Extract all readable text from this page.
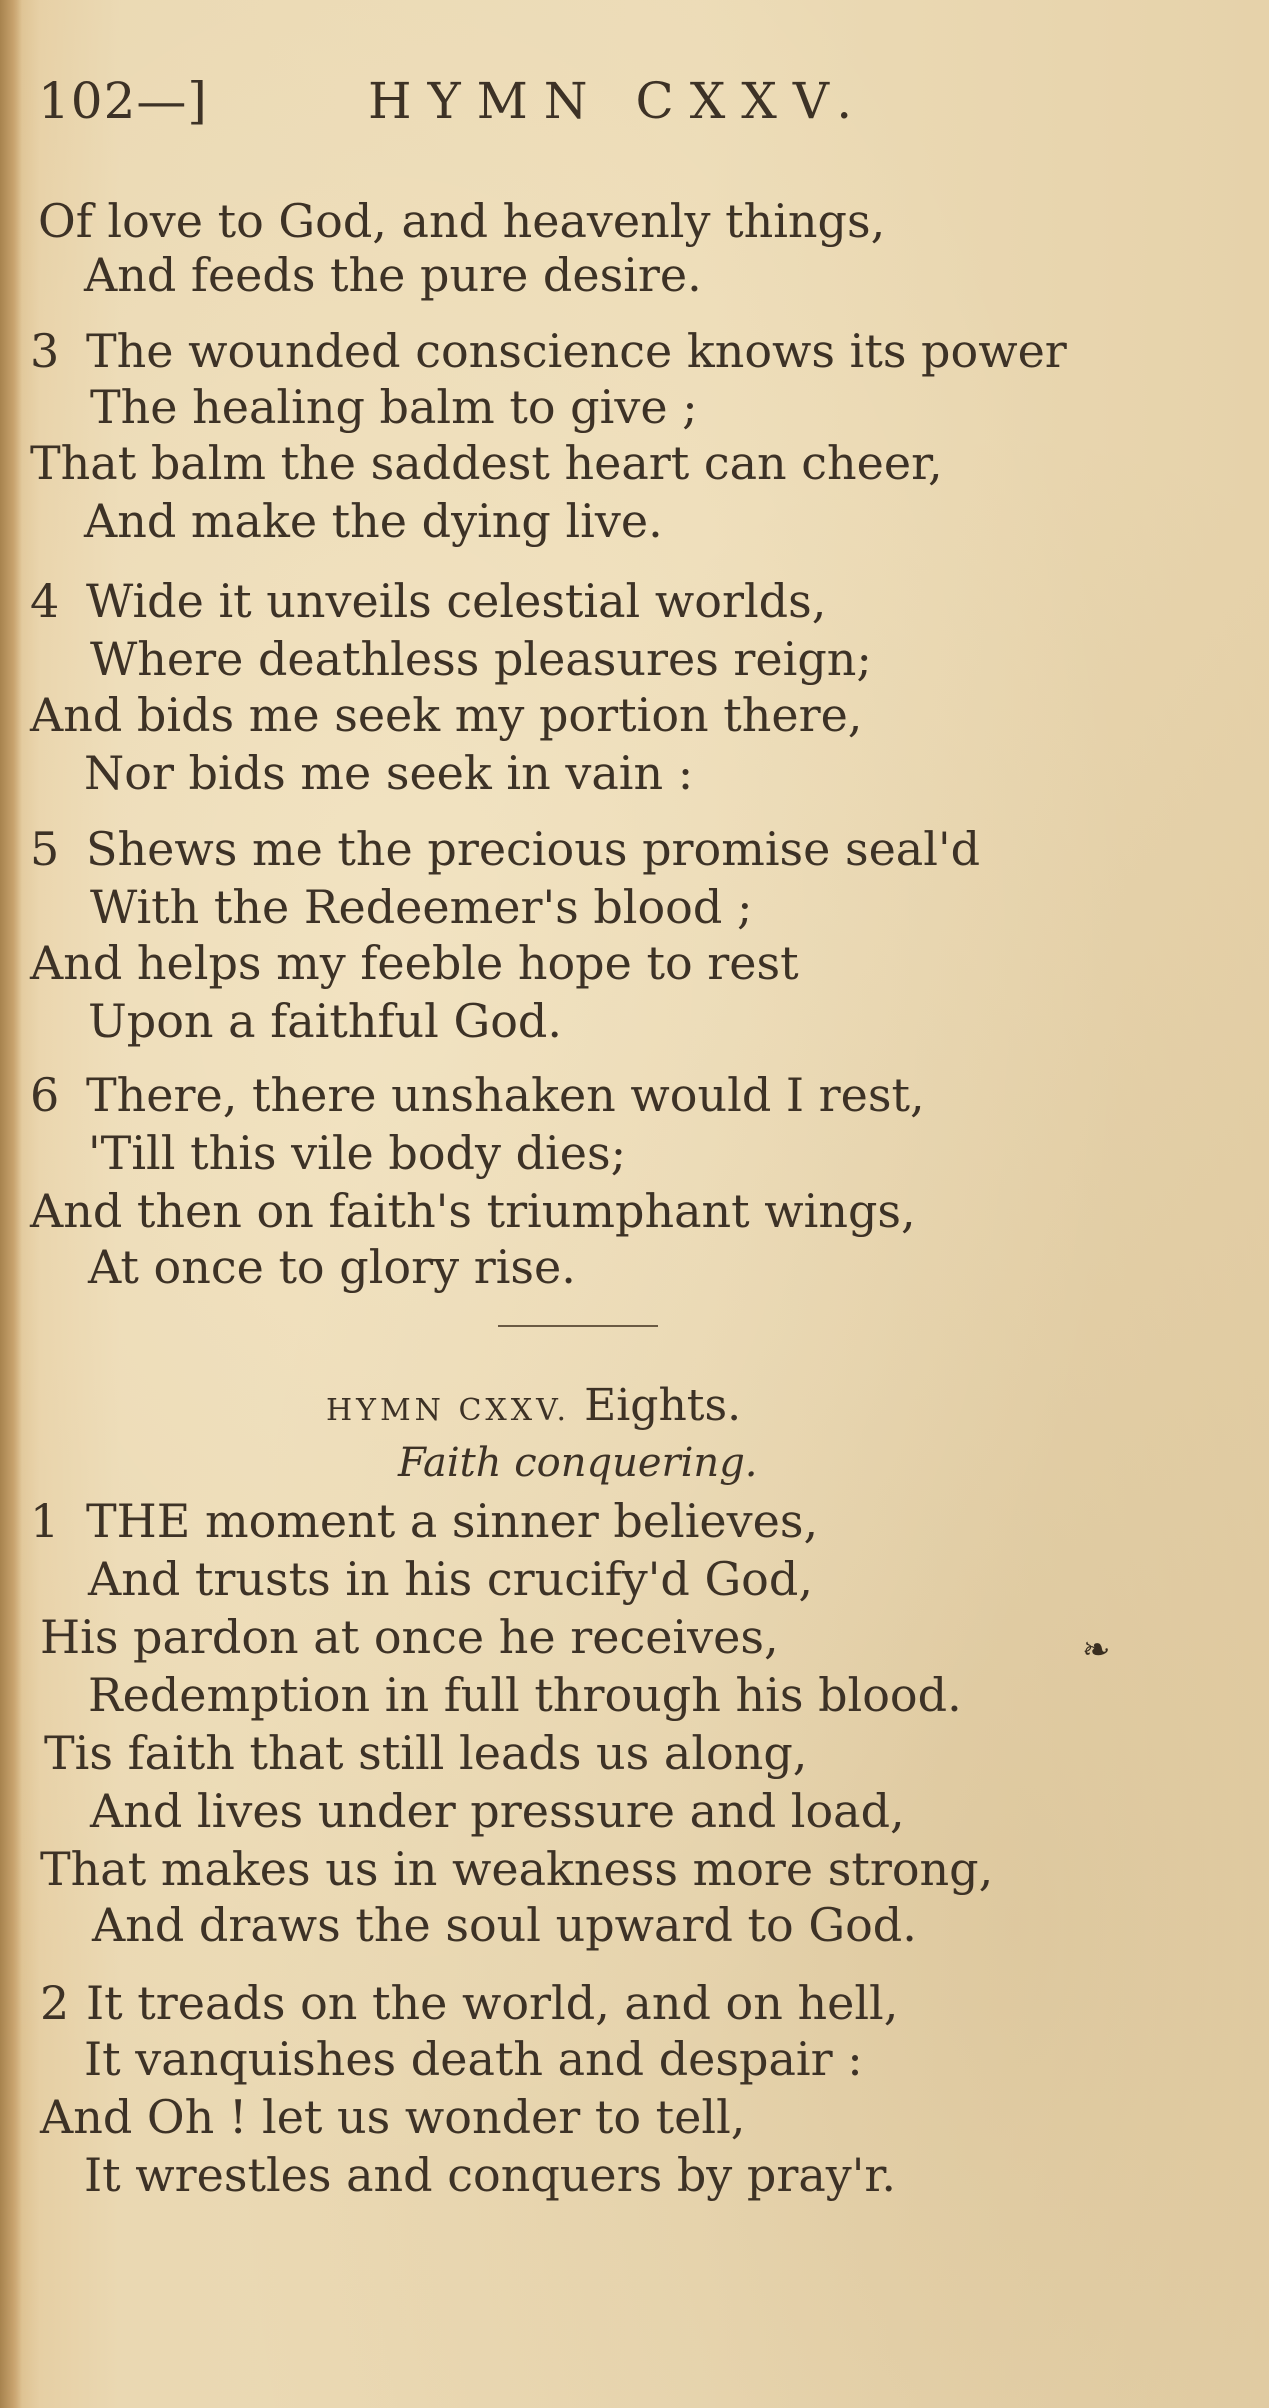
102—]	HYMN CXXV.
Of love to God, and heavenly things,
And feeds the pure desire.
3 The wounded conscience knows its power
The healing balm to give ;
That balm the saddest heart can cheer,
And make the dying live.
4 Wide it unveils celestial worlds,
Where deathless pleasures reign;
And bids me seek my portion there,
Nor bids me seek in vain :
5 Shews me the precious promise seal'd
With the Redeemer's blood ;
And helps my feeble hope to rest
Upon a faithful God.
6 There, there unshaken would I rest,
'Till this vile body dies;
And then on faith's triumphant wings,
At once to glory rise.
HYMN CXXV. Eights.
Faith conquering.
1 THE moment a sinner believes,
And trusts in his crucify'd God,
His pardon at once he receives,
Redemption in full through his blood.
Tis faith that still leads us along,
And lives under pressure and load,
That makes us in weakness more strong,
And draws the soul upward to God.
2 It treads on the world, and on hell,
It vanquishes death and despair :
And Oh ! let us wonder to tell,
It wrestles and conquers by pray'r.
❧
